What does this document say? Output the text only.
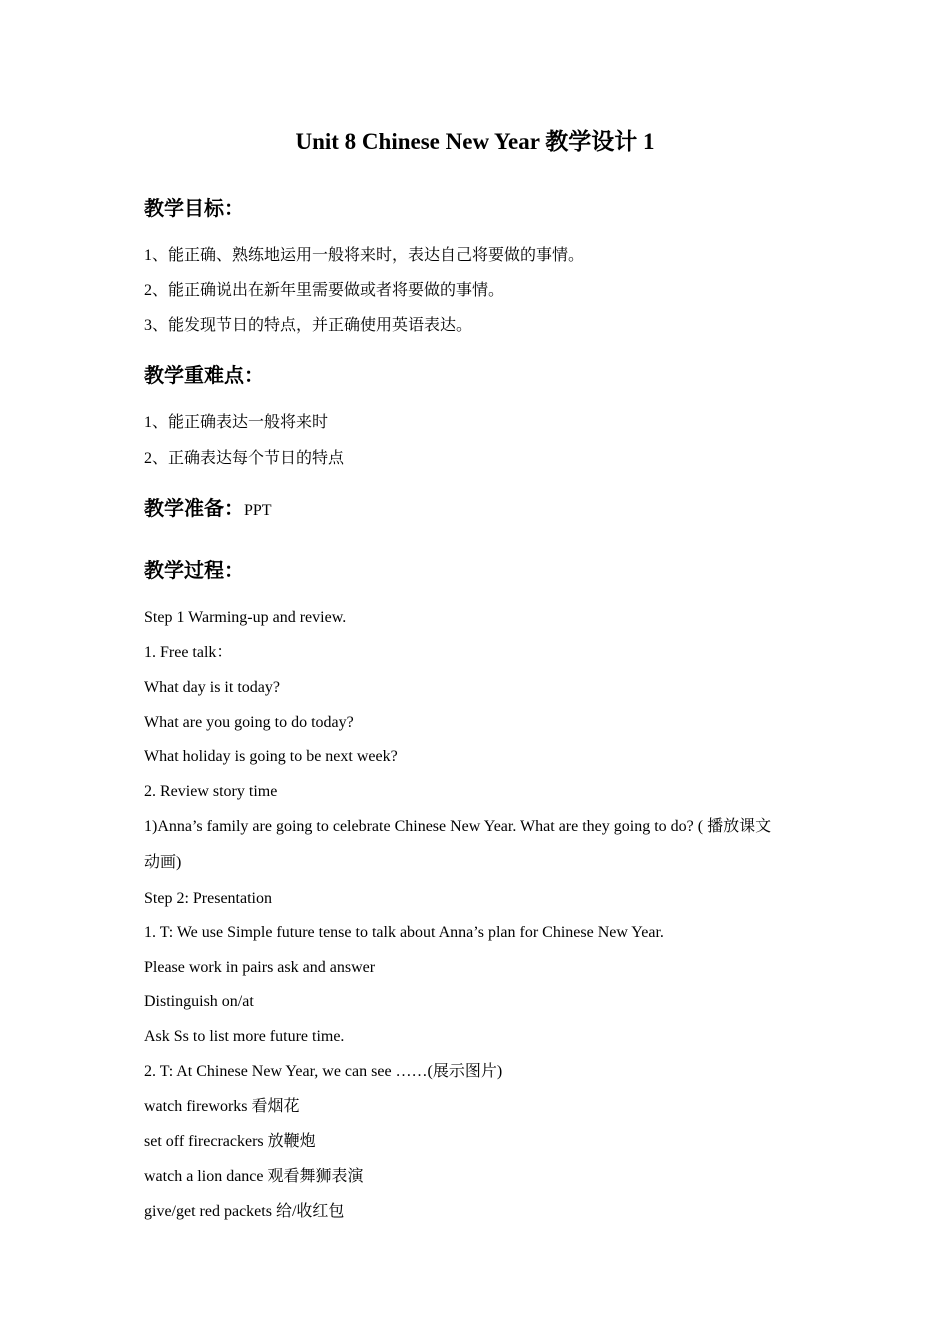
Unit 8 Chinese New Year 教学设计 1
教学目标：

1、能正确、熟练地运用一般将来时，表达自己将要做的事情。

2、能正确说出在新年里需要做或者将要做的事情。

3、能发现节日的特点，并正确使用英语表达。

教学重难点：

1、能正确表达一般将来时

2、正确表达每个节日的特点

教学准备：PPT
教学过程：

Step 1 Warming-up and review.

1. Free talk：

What day is it today?

What are you going to do today?

What holiday is going to be next week?

2. Review story time

1)Anna’s family are going to celebrate Chinese New Year. What are they going to do? ( 播放课文

动画)

Step 2: Presentation

1. T: We use Simple future tense to talk about Anna’s plan for Chinese New Year.

Please work in pairs ask and answer

Distinguish on/at

Ask Ss to list more future time.

2. T: At Chinese New Year, we can see ……(展示图片)

watch fireworks 看烟花

set off firecrackers 放鞭炮

watch a lion dance 观看舞狮表演

give/get red packets 给/收红包
